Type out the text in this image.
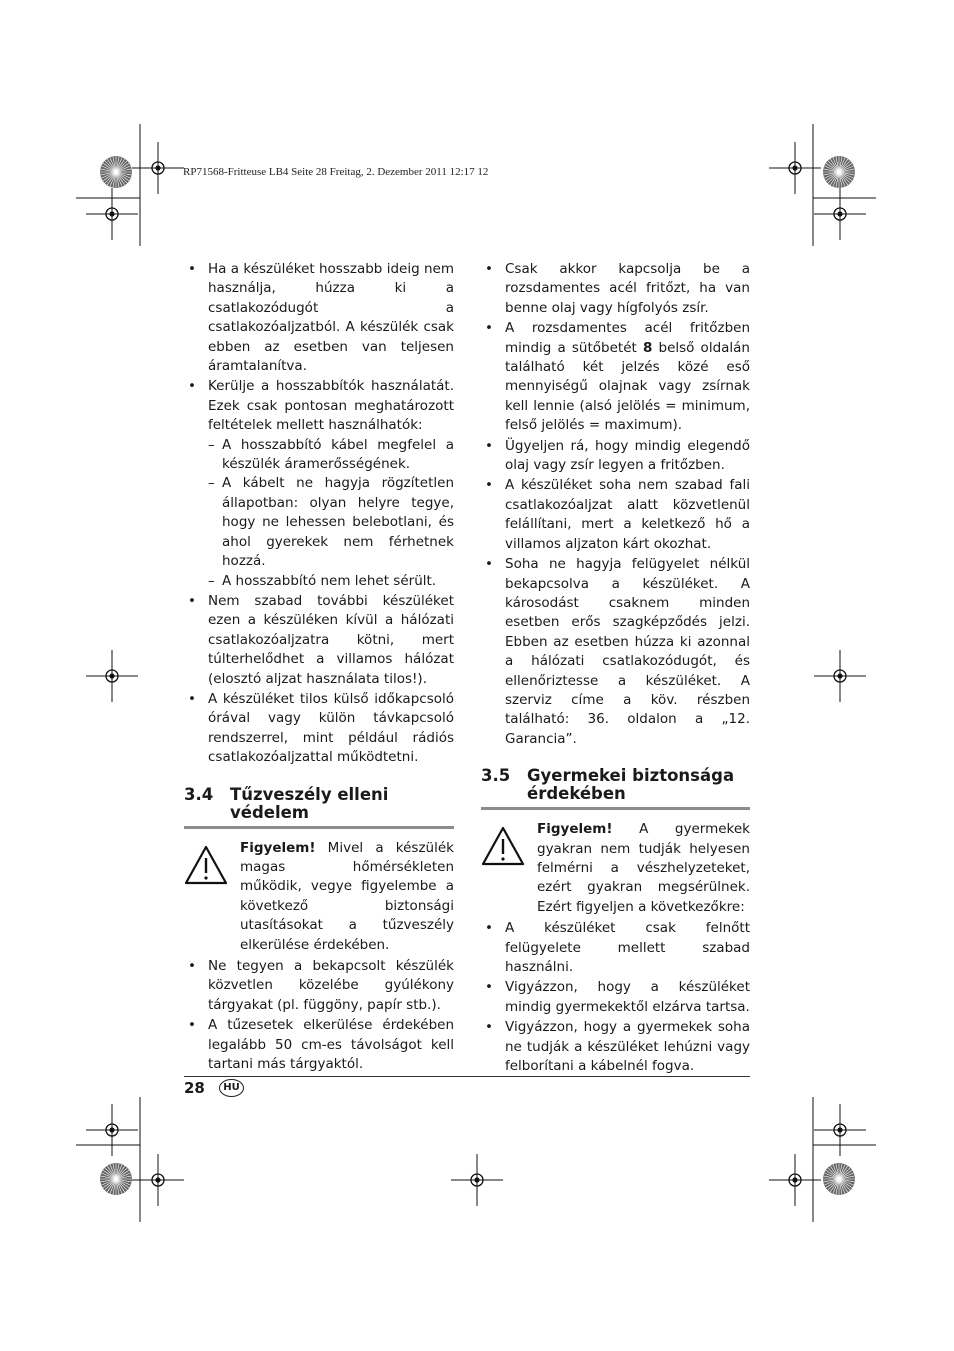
RP71568-Fritteuse LB4 Seite 28 Freitag, 2. Dezember 2011 12:17 12
• Ha a készüléket hosszabb ideig nem használja, húzza ki a csatlakozódugót a csatlakozóaljzatból. A készülék csak ebben az esetben van teljesen áramtalanítva.
• Kerülje a hosszabbítók használatát. Ezek csak pontosan meghatározott feltételek mellett használhatók:
– A hosszabbító kábel megfelel a készülék áramerősségének.
– A kábelt ne hagyja rögzítetlen állapotban: olyan helyre tegye, hogy ne lehessen belebotlani, és ahol gyerekek nem férhetnek hozzá.
– A hosszabbító nem lehet sérült.
• Nem szabad további készüléket ezen a készüléken kívül a hálózati csatlakozóaljzatra kötni, mert túlterhelődhet a villamos hálózat (elosztó aljzat használata tilos!).
• A készüléket tilos külső időkapcsoló órával vagy külön távkapcsoló rendszerrel, mint például rádiós csatlakozóaljzattal működtetni.
3.4	Tűzveszély elleni védelem
Figyelem! Mivel a készülék magas hőmérsékleten működik, vegye figyelembe a következő biztonsági utasításokat a tűzveszély elkerülése érdekében.
• Ne tegyen a bekapcsolt készülék közvetlen közelébe gyúlékony tárgyakat (pl. függöny, papír stb.).
• A tűzesetek elkerülése érdekében legalább 50 cm-es távolságot kell tartani más tárgyaktól.
• Csak akkor kapcsolja be a rozsdamentes acél fritőzt, ha van benne olaj vagy hígfolyós zsír.
• A rozsdamentes acél fritőzben mindig a sütőbetét 8 belső oldalán található két jelzés közé eső mennyiségű olajnak vagy zsírnak kell lennie (alsó jelölés = minimum, felső jelölés = maximum).
• Ügyeljen rá, hogy mindig elegendő olaj vagy zsír legyen a fritőzben.
• A készüléket soha nem szabad fali csatlakozóaljzat alatt közvetlenül felállítani, mert a keletkező hő a villamos aljzaton kárt okozhat.
• Soha ne hagyja felügyelet nélkül bekapcsolva a készüléket. A károsodást csaknem minden esetben erős szagképződés jelzi. Ebben az esetben húzza ki azonnal a hálózati csatlakozódugót, és ellenőriztesse a készüléket. A szerviz címe a köv. részben található: 36. oldalon a „12. Garancia”.
3.5	Gyermekei biztonsága érdekében
Figyelem! A gyermekek gyakran nem tudják helyesen felmérni a vészhelyzeteket, ezért gyakran megsérülnek. Ezért figyeljen a következőkre:
• A készüléket csak felnőtt felügyelete mellett szabad használni.
• Vigyázzon, hogy a készüléket mindig gyermekektől elzárva tartsa.
• Vigyázzon, hogy a gyermekek soha ne tudják a készüléket lehúzni vagy felborítani a kábelnél fogva.
28	HU
